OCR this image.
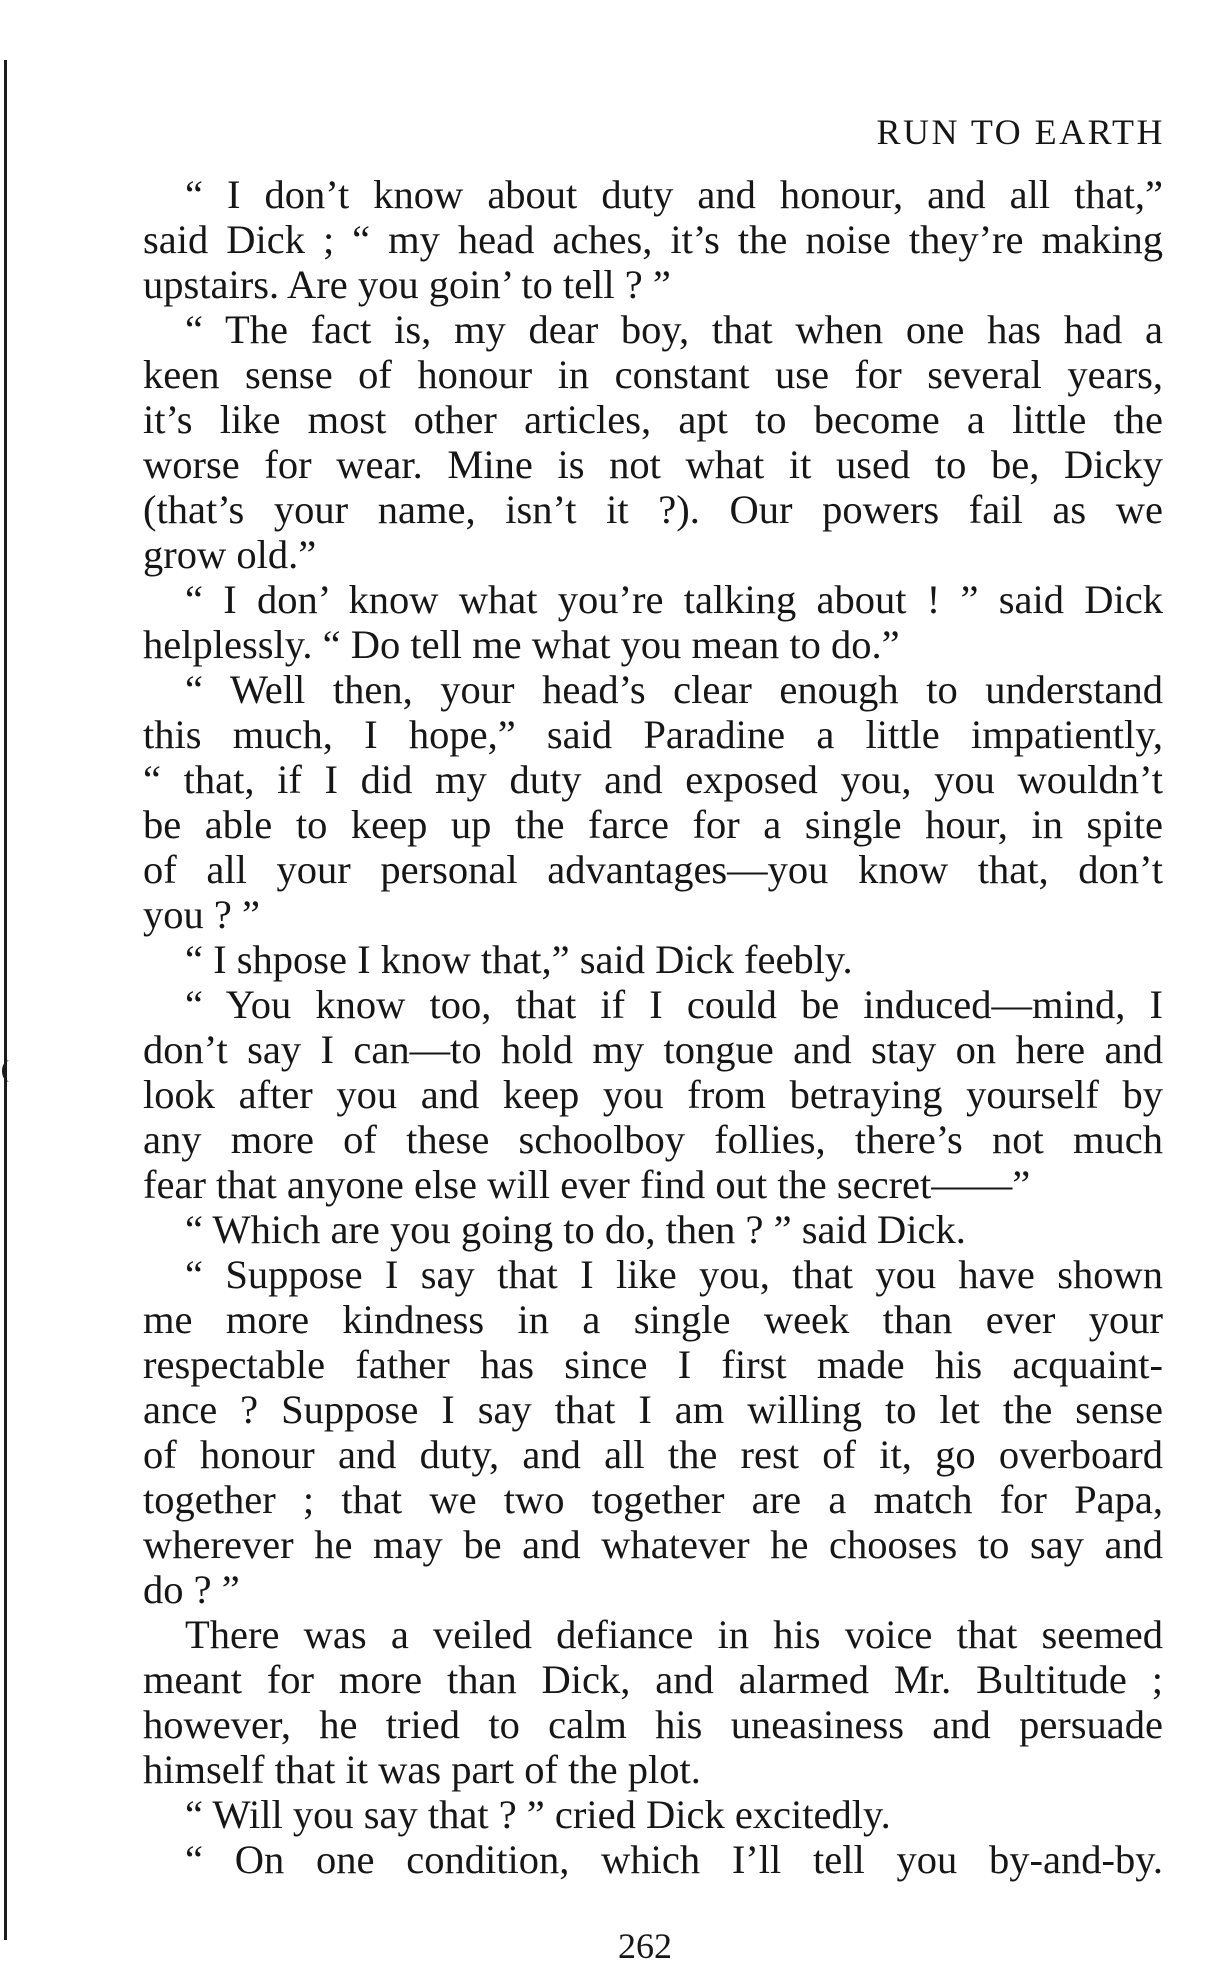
RUN TO EARTH
“ I don’t know about duty and honour, and all that,”
said Dick ; “ my head aches, it’s the noise they’re making
upstairs. Are you goin’ to tell ? ”
“ The fact is, my dear boy, that when one has had a
keen sense of honour in constant use for several years,
it’s like most other articles, apt to become a little the
worse for wear. Mine is not what it used to be, Dicky
(that’s your name, isn’t it ?). Our powers fail as we
grow old.”
“ I don’ know what you’re talking about ! ” said Dick
helplessly. “ Do tell me what you mean to do.”
“ Well then, your head’s clear enough to understand
this much, I hope,” said Paradine a little impatiently,
“ that, if I did my duty and exposed you, you wouldn’t
be able to keep up the farce for a single hour, in spite
of all your personal advantages—you know that, don’t
you ? ”
“ I shpose I know that,” said Dick feebly.
“ You know too, that if I could be induced—mind, I
don’t say I can—to hold my tongue and stay on here and
look after you and keep you from betraying yourself by
any more of these schoolboy follies, there’s not much
fear that anyone else will ever find out the secret——”
“ Which are you going to do, then ? ” said Dick.
“ Suppose I say that I like you, that you have shown
me more kindness in a single week than ever your
respectable father has since I first made his acquaint-
ance ? Suppose I say that I am willing to let the sense
of honour and duty, and all the rest of it, go overboard
together ; that we two together are a match for Papa,
wherever he may be and whatever he chooses to say and
do ? ”
There was a veiled defiance in his voice that seemed
meant for more than Dick, and alarmed Mr. Bultitude ;
however, he tried to calm his uneasiness and persuade
himself that it was part of the plot.
“ Will you say that ? ” cried Dick excitedly.
“ On one condition, which I’ll tell you by-and-by.
262
